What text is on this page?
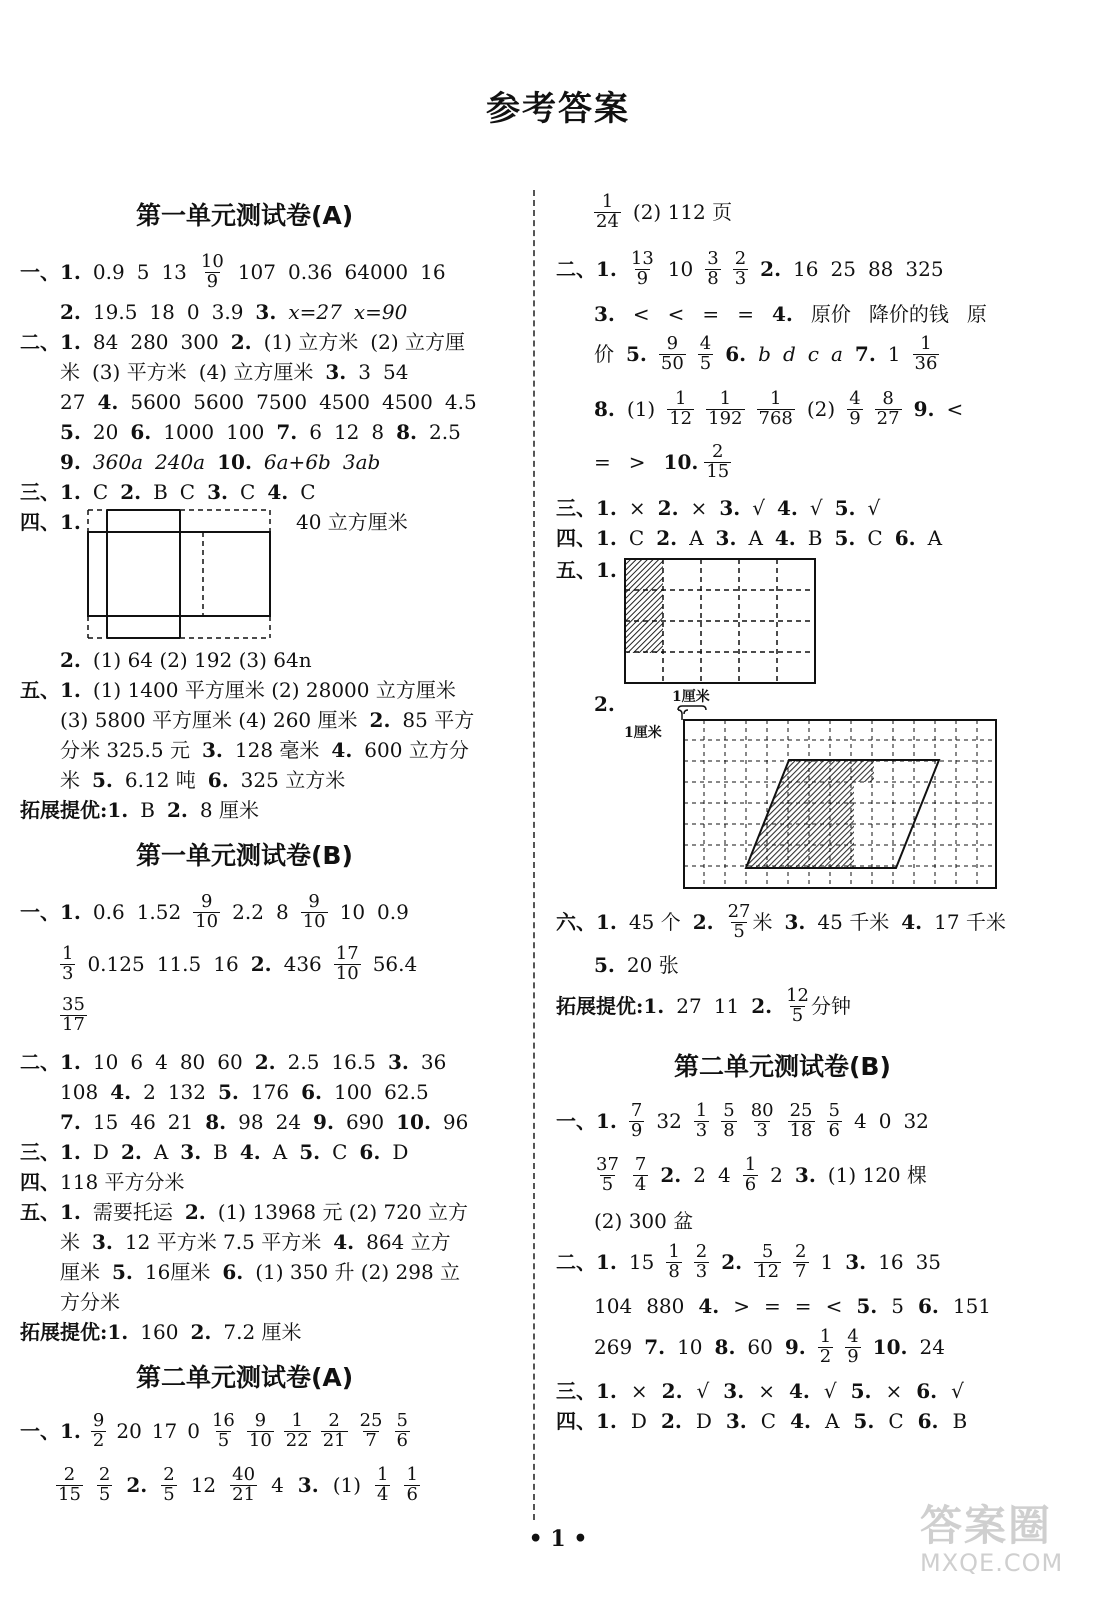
参考答案
第一单元测试卷(A)
一、 1. 0.9 5 13 10
9 107 0.36 64000 16
2. 19.5 18 0 3.9 3. x=27 x=90
二、 1. 84 280 300 2. (1) 立方米 (2) 立方厘
米 (3) 平方米 (4) 立方厘米 3. 3 54
27 4. 5600 5600 7500 4500 4500 4.5
5. 20 6. 1000 100 7. 6 12 8 8. 2.5
9. 360a 240a 10. 6a+6b 3ab
三、 1. C 2. B C 3. C 4. C
四、 1.	40 立方厘米
2. (1) 64 (2) 192 (3) 64n
五、 1. (1) 1400 平方厘米 (2) 28000 立方厘米
(3) 5800 平方厘米 (4) 260 厘米 2. 85 平方
分米 325.5 元 3. 128 毫米 4. 600 立方分
米 5. 6.12 吨 6. 325 立方米
拓展提优: 1. B 2. 8 厘米
第一单元测试卷(B)
一、 1. 0.6 1.52 9
10 2.2 8 9
10 10 0.9
1
3 0.125 11.5 16 2. 436 17
10 56.4
35
17
二、 1. 10 6 4 80 60 2. 2.5 16.5 3. 36
108 4. 2 132 5. 176 6. 100 62.5
7. 15 46 21 8. 98 24 9. 690 10. 96
三、 1. D 2. A 3. B 4. A 5. C 6. D
四、 118 平方分米
五、 1. 需要托运 2. (1) 13968 元 (2) 720 立方
米 3. 12 平方米 7.5 平方米 4. 864 立方
厘米 5. 16厘米 6. (1) 350 升 (2) 298 立
方分米
拓展提优: 1. 160 2. 7.2 厘米
第二单元测试卷(A)
一、 1. 9
2 20 17 0 16
5
9
10
1
22
2
21
25
7
5
6
2
15
2
5 2. 2
5 12 40
21 4 3. (1) 1
4
1
6
1
24 (2) 112 页
二、 1. 13
9 10 3
8
2
3 2. 16 25 88 325
3. < < = = 4. 原价 降价的钱 原
价 5. 9
50
4
5 6. b d c a 7. 1 1
36
8. (1) 1
12
1
192
1
768 (2) 4
9
8
27 9. <
= > 10. 2
15
三、 1. × 2. × 3. √ 4. √ 5. √
四、 1. C 2. A 3. A 4. B 5. C 6. A
五、 1.
2.	1厘米
1厘米
六、 1. 45 个 2. 27
5 米 3. 45 千米 4. 17 千米
5. 20 张
拓展提优: 1. 27 11 2. 12
5 分钟
第二单元测试卷(B)
一、 1. 7
9 32 1
3
5
8
80
3
25
18
5
6 4 0 32
37
5
7
4 2. 2 4 1
6 2 3. (1) 120 棵
(2) 300 盆
二、 1. 15 1
8
2
3 2. 5
12
2
7 1 3. 16 35
104 880 4. > = = < 5. 5 6. 151
269 7. 10 8. 60 9. 1
2
4
9 10. 24
三、 1. × 2. √ 3. × 4. √ 5. × 6. √
四、 1. D 2. D 3. C 4. A 5. C 6. B
• 1 •	答案圈
MXQE.COM
